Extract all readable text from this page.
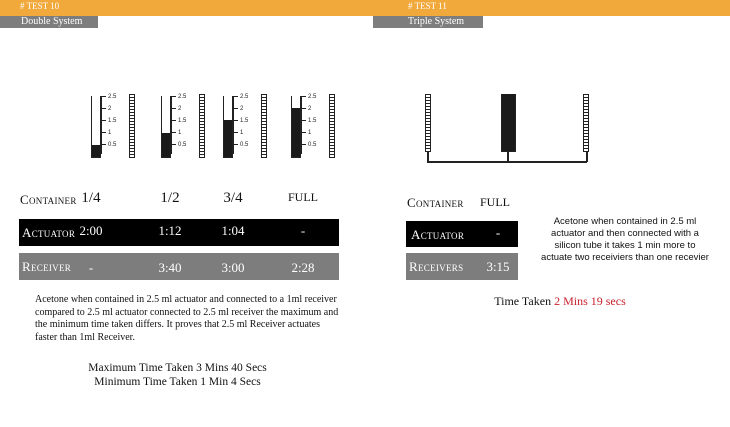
# TEST 10
Double System
# TEST 11
Triple System
2.5
2
1.5
1
0.5
2.5
2
1.5
1
0.5
2.5
2
1.5
1
0.5
2.5
2
1.5
1
0.5
Container 1/4	1/2	3/4	FULL
Actuator 2:00	1:12	1:04	-
Receiver	-	3:40	3:00	2:28
Acetone when contained in 2.5 ml actuator and connected to a 1ml receiver compared to 2.5 ml actuator connected to 2.5 ml receiver the maximum and the minimum time taken differs. It proves that 2.5 ml Receiver actuates faster than 1ml Receiver.
Maximum Time Taken 3 Mins 40 Secs
Minimum Time Taken 1 Min 4 Secs
Container	FULL
Actuator	-
Receivers	3:15
Acetone when contained in 2.5 ml actuator and then connected with a silicon tube it takes 1 min more to actuate two receiviers than one recevier
Time Taken 2 Mins 19 secs
